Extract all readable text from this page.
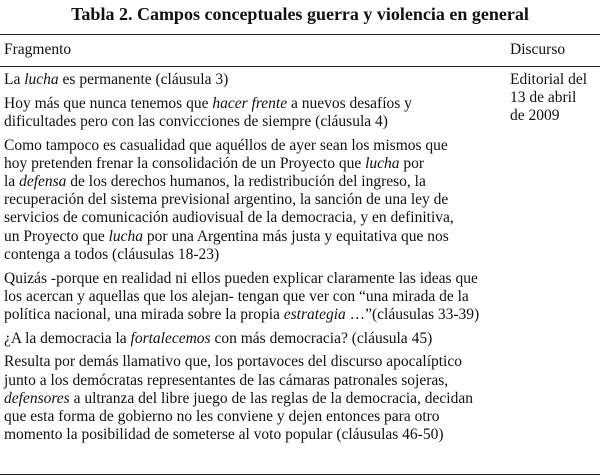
Tabla 2. Campos conceptuales guerra y violencia en general
Fragmento	Discurso
La lucha es permanente (cláusula 3)
Hoy más que nunca tenemos que hacer frente a nuevos desafíos y
dificultades pero con las convicciones de siempre (cláusula 4)
Como tampoco es casualidad que aquéllos de ayer sean los mismos que
hoy pretenden frenar la consolidación de un Proyecto que lucha por
la defensa de los derechos humanos, la redistribución del ingreso, la
recuperación del sistema previsional argentino, la sanción de una ley de
servicios de comunicación audiovisual de la democracia, y en definitiva,
un Proyecto que lucha por una Argentina más justa y equitativa que nos
contenga a todos (cláusulas 18-23)
Quizás -porque en realidad ni ellos pueden explicar claramente las ideas que
los acercan y aquellas que los alejan- tengan que ver con “una mirada de la
política nacional, una mirada sobre la propia estrategia …”(cláusulas 33-39)
¿A la democracia la fortalecemos con más democracia? (cláusula 45)
Resulta por demás llamativo que, los portavoces del discurso apocalíptico
junto a los demócratas representantes de las cámaras patronales sojeras,
defensores a ultranza del libre juego de las reglas de la democracia, decidan
que esta forma de gobierno no les conviene y dejen entonces para otro
momento la posibilidad de someterse al voto popular (cláusulas 46-50)
Editorial del
13 de abril
de 2009
